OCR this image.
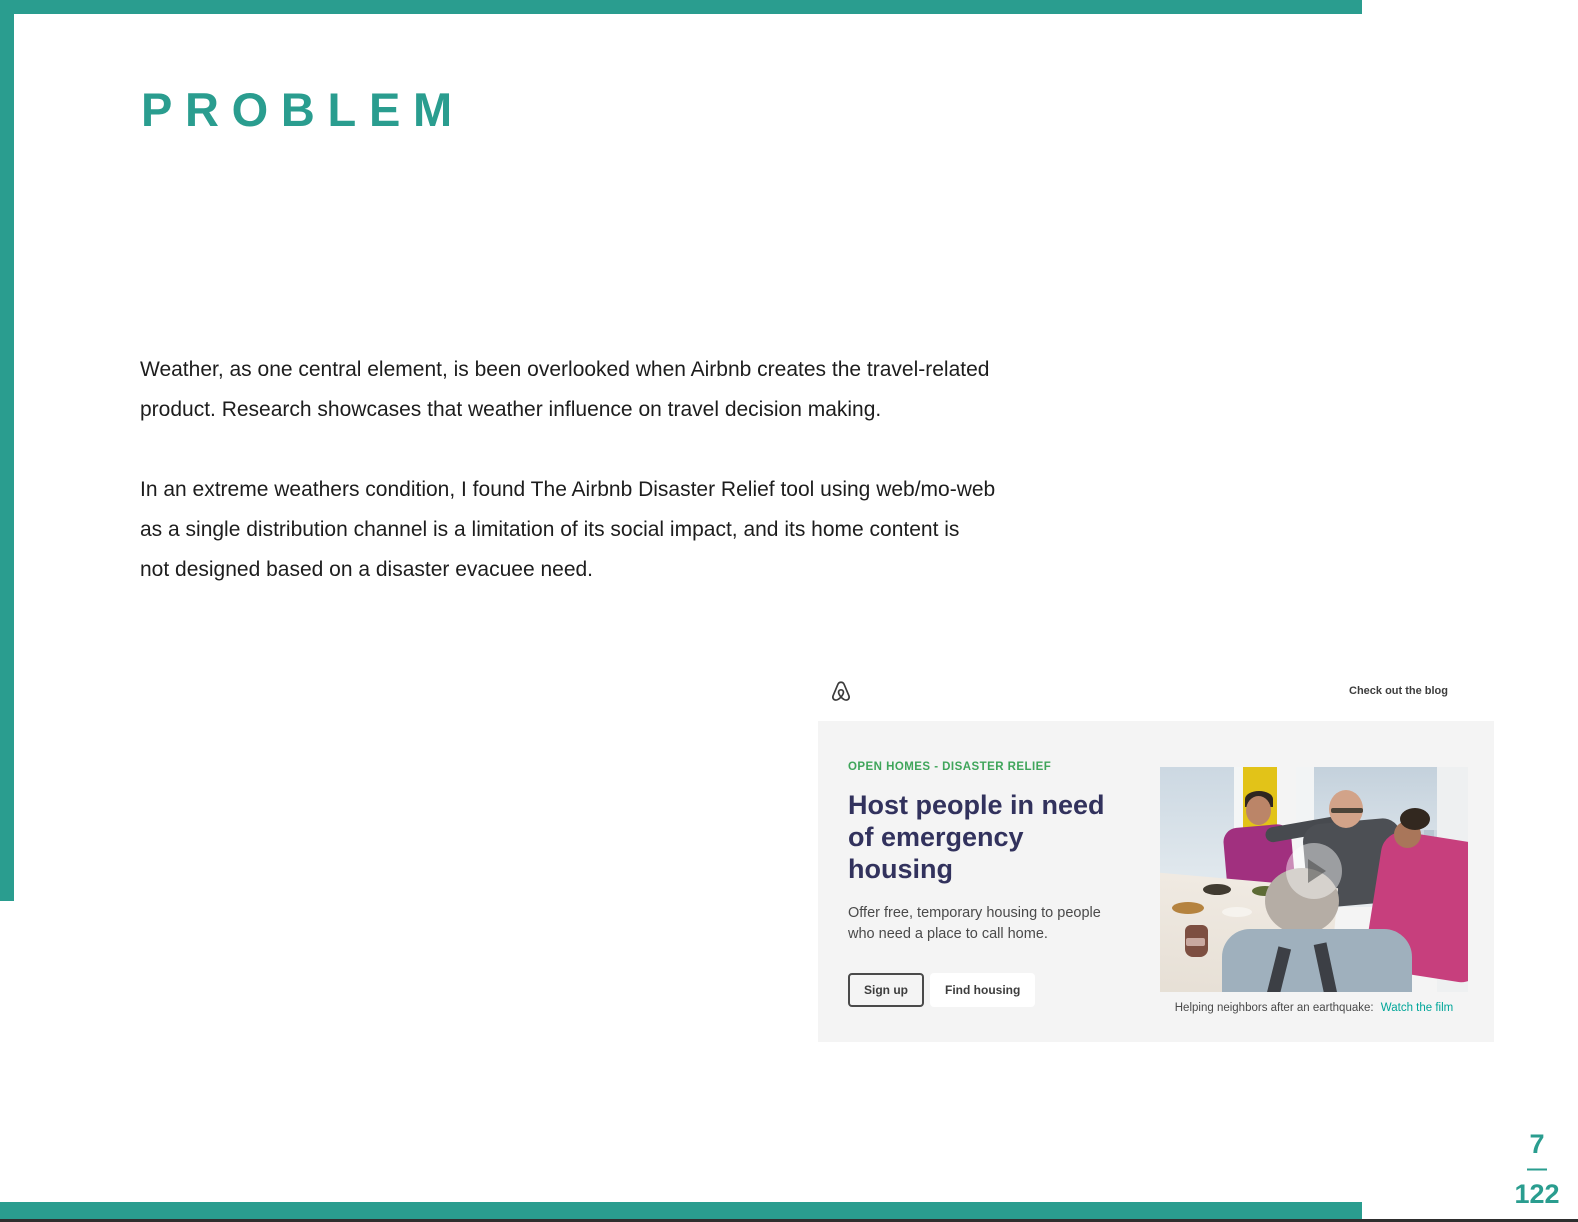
PROBLEM

Weather, as one central element, is been overlooked when Airbnb creates the travel-related
product. Research showcases that weather influence on travel decision making.

In an extreme weathers condition, I found The Airbnb Disaster Relief tool using web/mo-web
as a single distribution channel is a limitation of its social impact, and its home content is
not designed based on a disaster evacuee need.

Check out the blog
OPEN HOMES - DISASTER RELIEF
Host people in need
of emergency
housing

Offer free, temporary housing to people
who need a place to call home.

Sign up	Find housing
Helping neighbors after an earthquake: Watch the film
7
—
122
